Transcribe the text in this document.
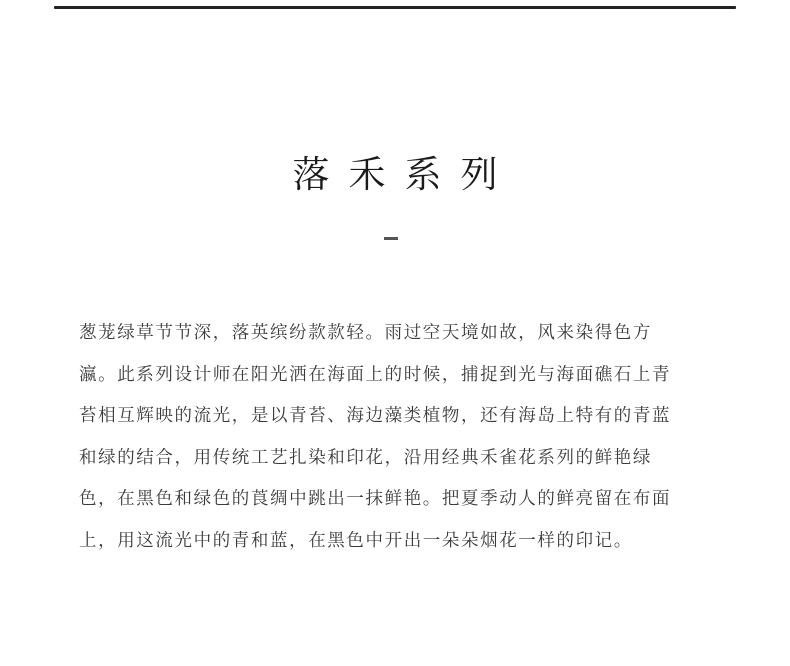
落禾系列

葱茏绿草节节深，落英缤纷款款轻。雨过空天境如故，风来染得色方
瀛。此系列设计师在阳光洒在海面上的时候，捕捉到光与海面礁石上青
苔相互辉映的流光，是以青苔、海边藻类植物，还有海岛上特有的青蓝
和绿的结合，用传统工艺扎染和印花，沿用经典禾雀花系列的鲜艳绿
色，在黑色和绿色的莨绸中跳出一抹鲜艳。把夏季动人的鲜亮留在布面
上，用这流光中的青和蓝，在黑色中开出一朵朵烟花一样的印记。
